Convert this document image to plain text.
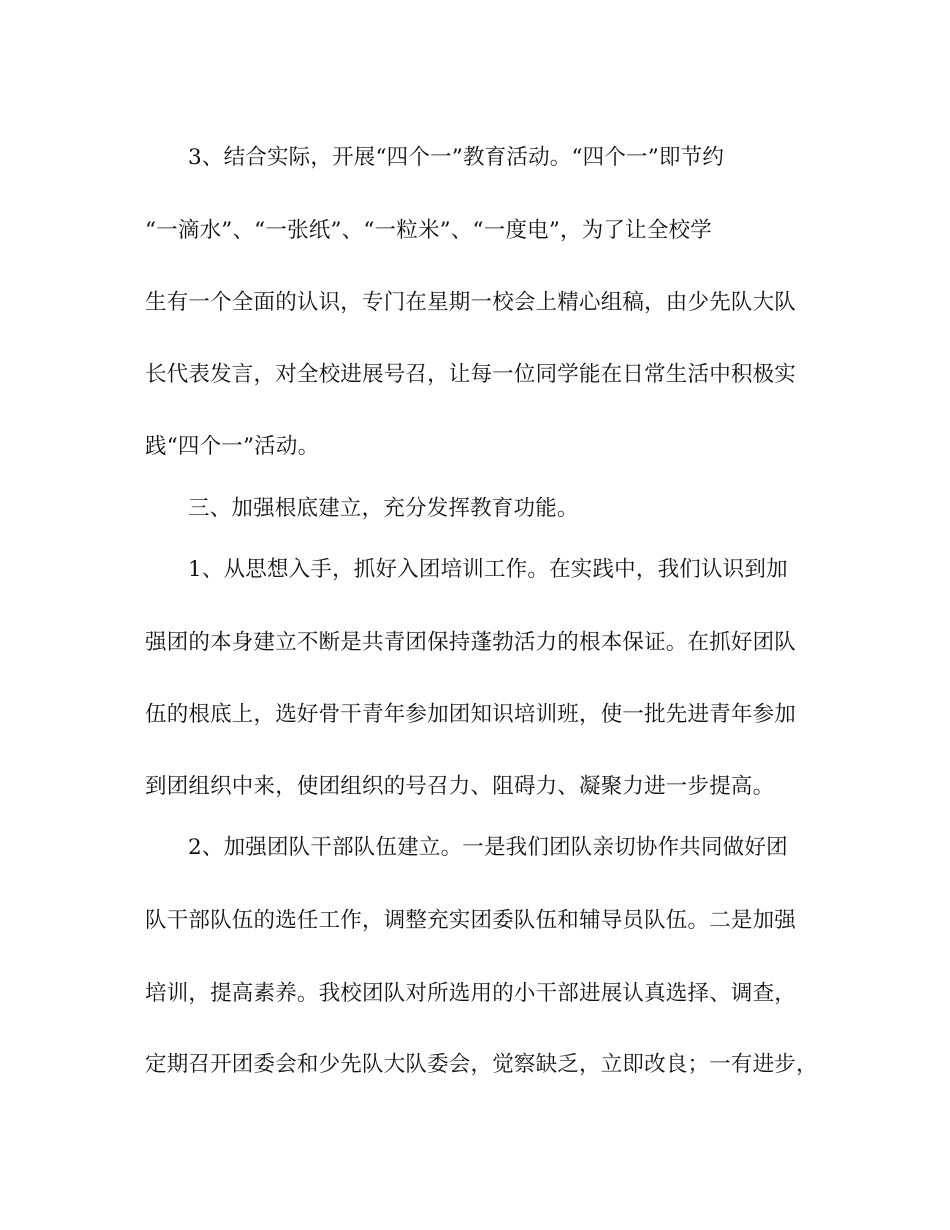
3、结合实际，开展“四个一”教育活动。“四个一”即节约
“一滴水”、“一张纸”、“一粒米”、“一度电”，为了让全校学
生有一个全面的认识，专门在星期一校会上精心组稿，由少先队大队
长代表发言，对全校进展号召，让每一位同学能在日常生活中积极实
践“四个一”活动。
三、加强根底建立，充分发挥教育功能。
1、从思想入手，抓好入团培训工作。在实践中，我们认识到加
强团的本身建立不断是共青团保持蓬勃活力的根本保证。在抓好团队
伍的根底上，选好骨干青年参加团知识培训班，使一批先进青年参加
到团组织中来，使团组织的号召力、阻碍力、凝聚力进一步提高。
2、加强团队干部队伍建立。一是我们团队亲切协作共同做好团
队干部队伍的选任工作，调整充实团委队伍和辅导员队伍。二是加强
培训，提高素养。我校团队对所选用的小干部进展认真选择、调查，
定期召开团委会和少先队大队委会，觉察缺乏，立即改良；一有进步，
